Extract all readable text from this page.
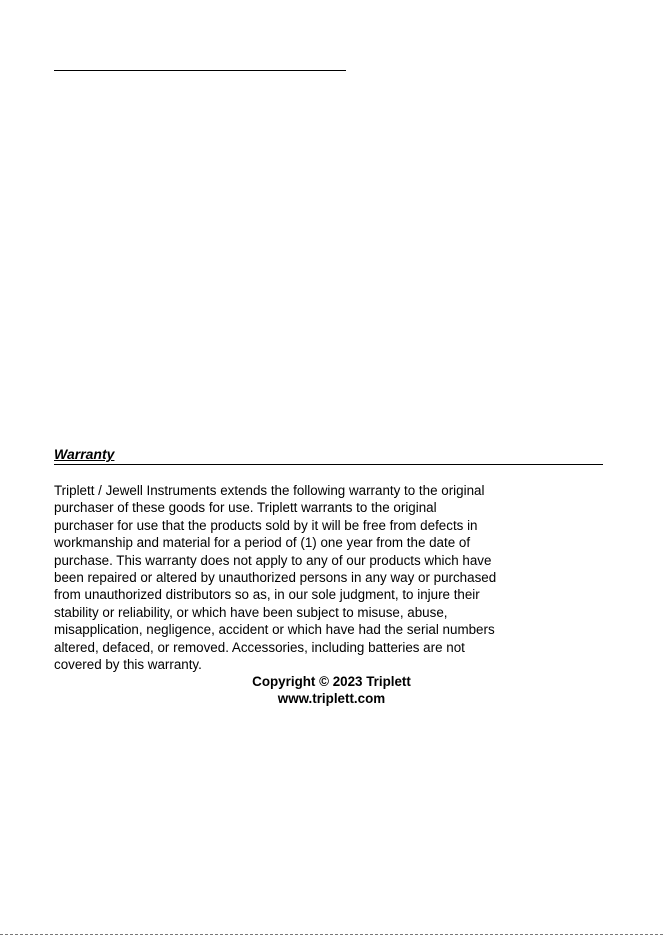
Warranty
Triplett / Jewell Instruments extends the following warranty to the original
purchaser of these goods for use. Triplett warrants to the original
purchaser for use that the products sold by it will be free from defects in
workmanship and material for a period of (1) one year from the date of
purchase. This warranty does not apply to any of our products which have
been repaired or altered by unauthorized persons in any way or purchased
from unauthorized distributors so as, in our sole judgment, to injure their
stability or reliability, or which have been subject to misuse, abuse,
misapplication, negligence, accident or which have had the serial numbers
altered, defaced, or removed. Accessories, including batteries are not
covered by this warranty.
Copyright © 2023 Triplett
www.triplett.com
